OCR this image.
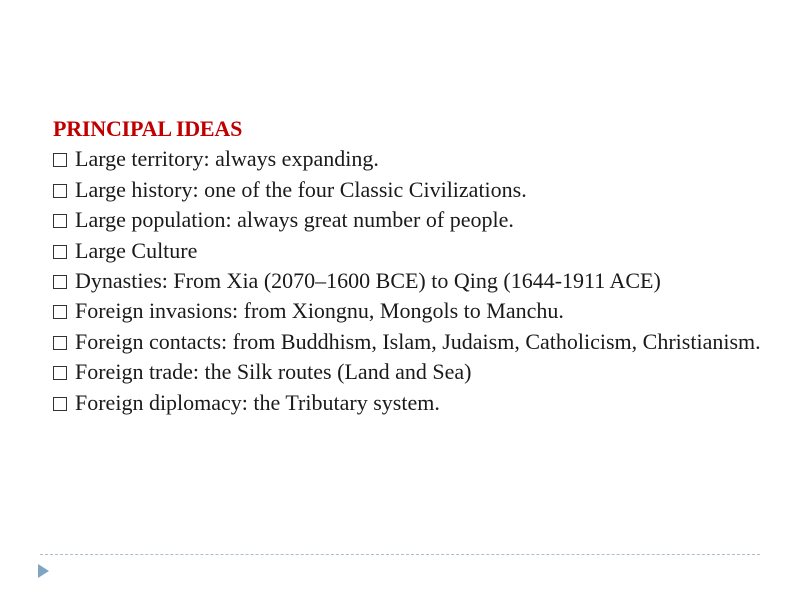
PRINCIPAL IDEAS

Large territory: always expanding.

Large history: one of the four Classic Civilizations.

Large population: always great number of people.

Large Culture

Dynasties: From Xia (2070–1600 BCE) to Qing (1644-1911 ACE)

Foreign invasions: from Xiongnu, Mongols to Manchu.

Foreign contacts: from Buddhism, Islam, Judaism, Catholicism, Christianism.

Foreign trade: the Silk routes (Land and Sea)

Foreign diplomacy: the Tributary system.
